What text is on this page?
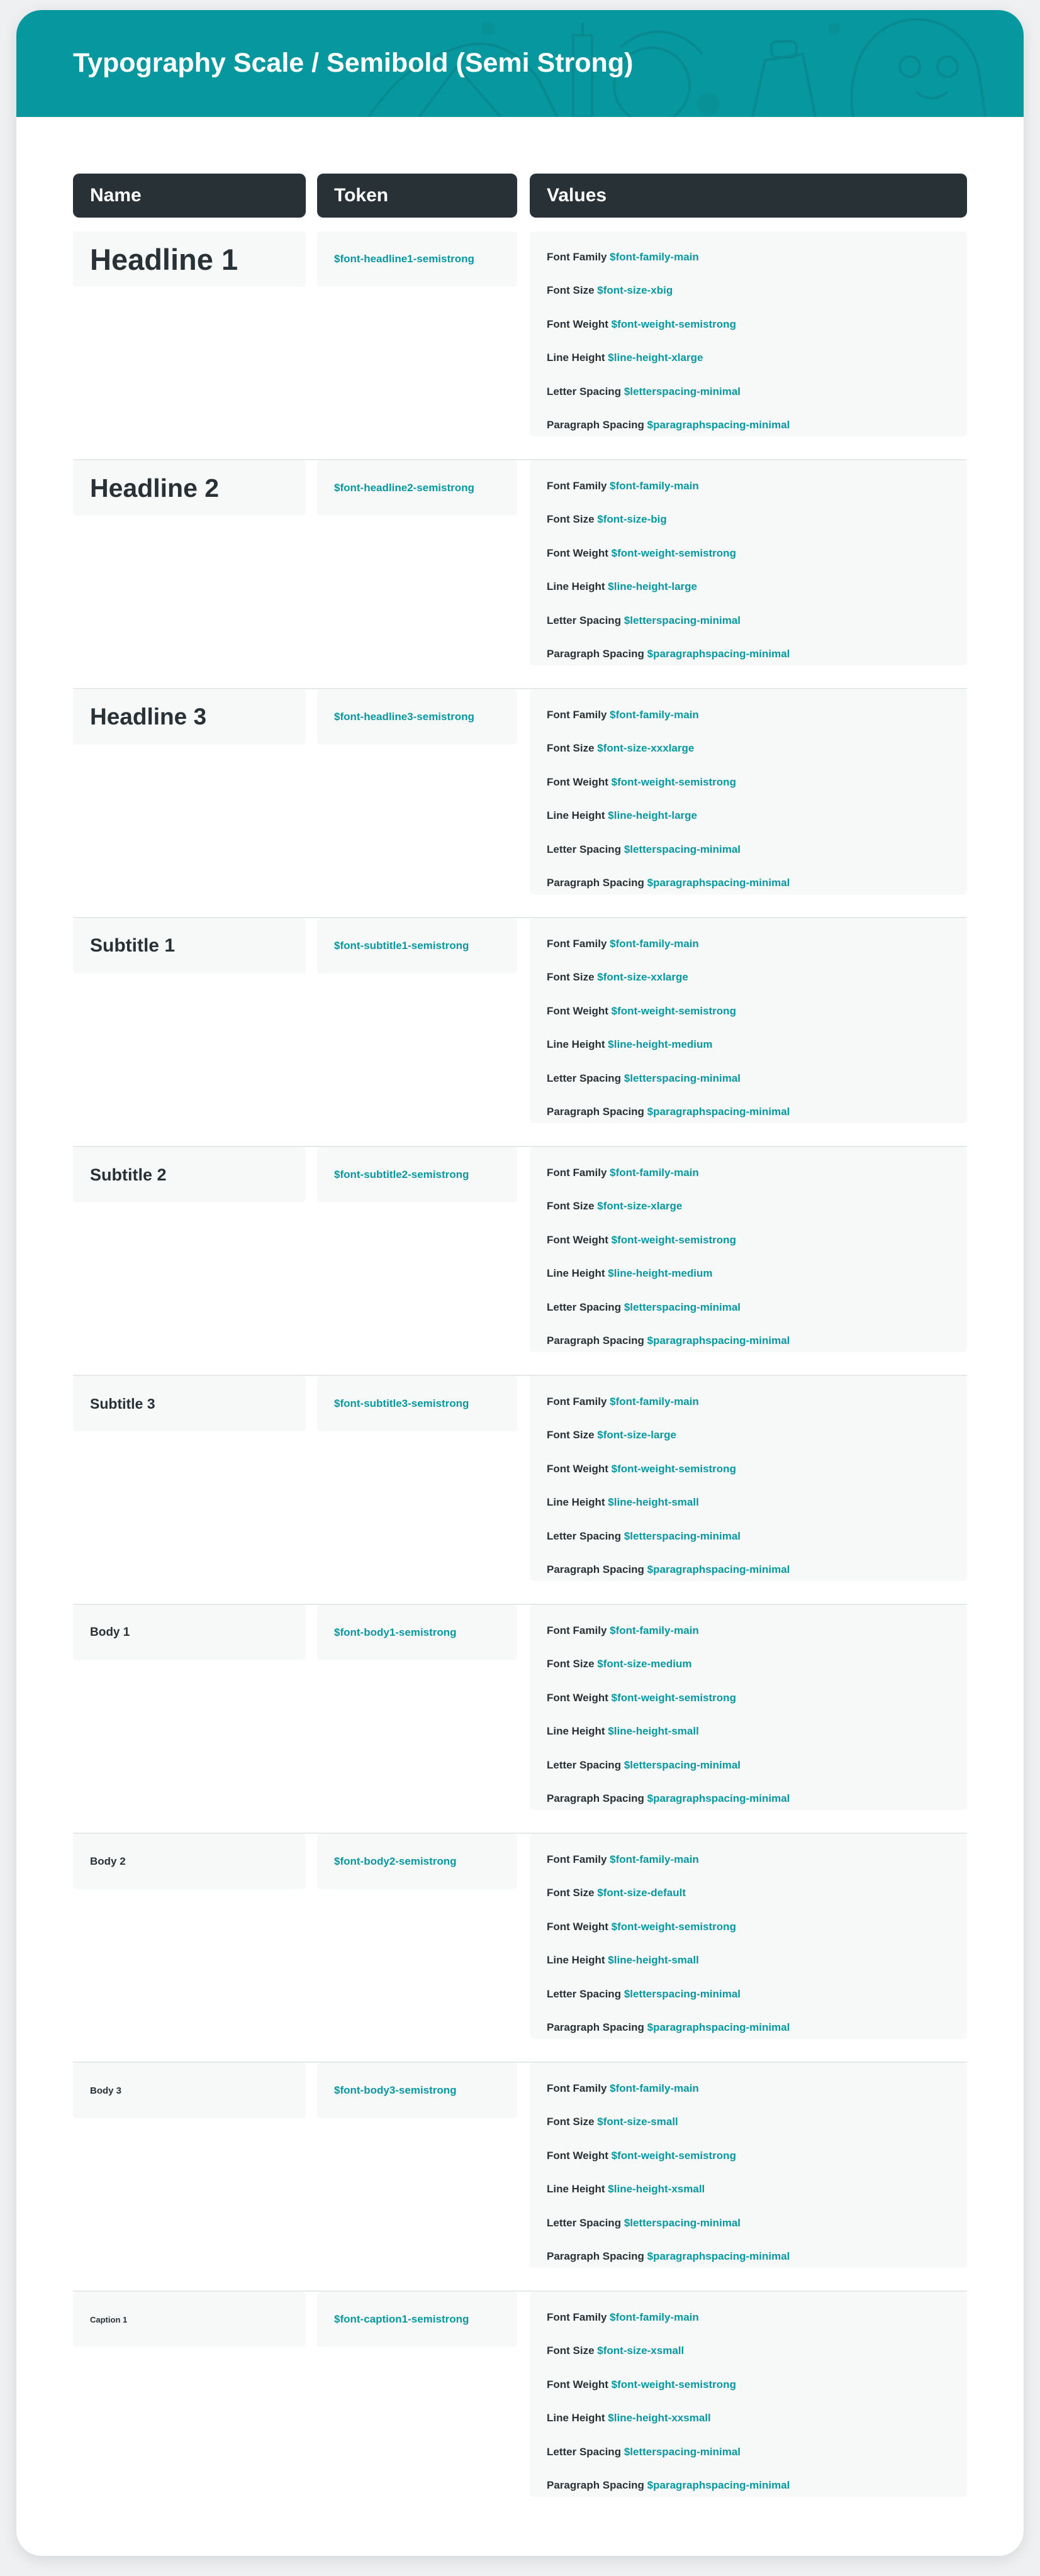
Typography Scale / Semibold (Semi Strong)
Name	Token	Values
Headline 1	$font-headline1-semistrong	Font Family $font-family-main
Font Size $font-size-xbig
Font Weight $font-weight-semistrong
Line Height $line-height-xlarge
Letter Spacing $letterspacing-minimal
Paragraph Spacing $paragraphspacing-minimal
Headline 2	$font-headline2-semistrong	Font Family $font-family-main
Font Size $font-size-big
Font Weight $font-weight-semistrong
Line Height $line-height-large
Letter Spacing $letterspacing-minimal
Paragraph Spacing $paragraphspacing-minimal
Headline 3	$font-headline3-semistrong	Font Family $font-family-main
Font Size $font-size-xxxlarge
Font Weight $font-weight-semistrong
Line Height $line-height-large
Letter Spacing $letterspacing-minimal
Paragraph Spacing $paragraphspacing-minimal
Subtitle 1	$font-subtitle1-semistrong	Font Family $font-family-main
Font Size $font-size-xxlarge
Font Weight $font-weight-semistrong
Line Height $line-height-medium
Letter Spacing $letterspacing-minimal
Paragraph Spacing $paragraphspacing-minimal
Subtitle 2	$font-subtitle2-semistrong	Font Family $font-family-main
Font Size $font-size-xlarge
Font Weight $font-weight-semistrong
Line Height $line-height-medium
Letter Spacing $letterspacing-minimal
Paragraph Spacing $paragraphspacing-minimal
Subtitle 3	$font-subtitle3-semistrong	Font Family $font-family-main
Font Size $font-size-large
Font Weight $font-weight-semistrong
Line Height $line-height-small
Letter Spacing $letterspacing-minimal
Paragraph Spacing $paragraphspacing-minimal
Body 1	$font-body1-semistrong	Font Family $font-family-main
Font Size $font-size-medium
Font Weight $font-weight-semistrong
Line Height $line-height-small
Letter Spacing $letterspacing-minimal
Paragraph Spacing $paragraphspacing-minimal
Body 2	$font-body2-semistrong	Font Family $font-family-main
Font Size $font-size-default
Font Weight $font-weight-semistrong
Line Height $line-height-small
Letter Spacing $letterspacing-minimal
Paragraph Spacing $paragraphspacing-minimal
Body 3	$font-body3-semistrong	Font Family $font-family-main
Font Size $font-size-small
Font Weight $font-weight-semistrong
Line Height $line-height-xsmall
Letter Spacing $letterspacing-minimal
Paragraph Spacing $paragraphspacing-minimal
Caption 1	$font-caption1-semistrong	Font Family $font-family-main
Font Size $font-size-xsmall
Font Weight $font-weight-semistrong
Line Height $line-height-xxsmall
Letter Spacing $letterspacing-minimal
Paragraph Spacing $paragraphspacing-minimal
